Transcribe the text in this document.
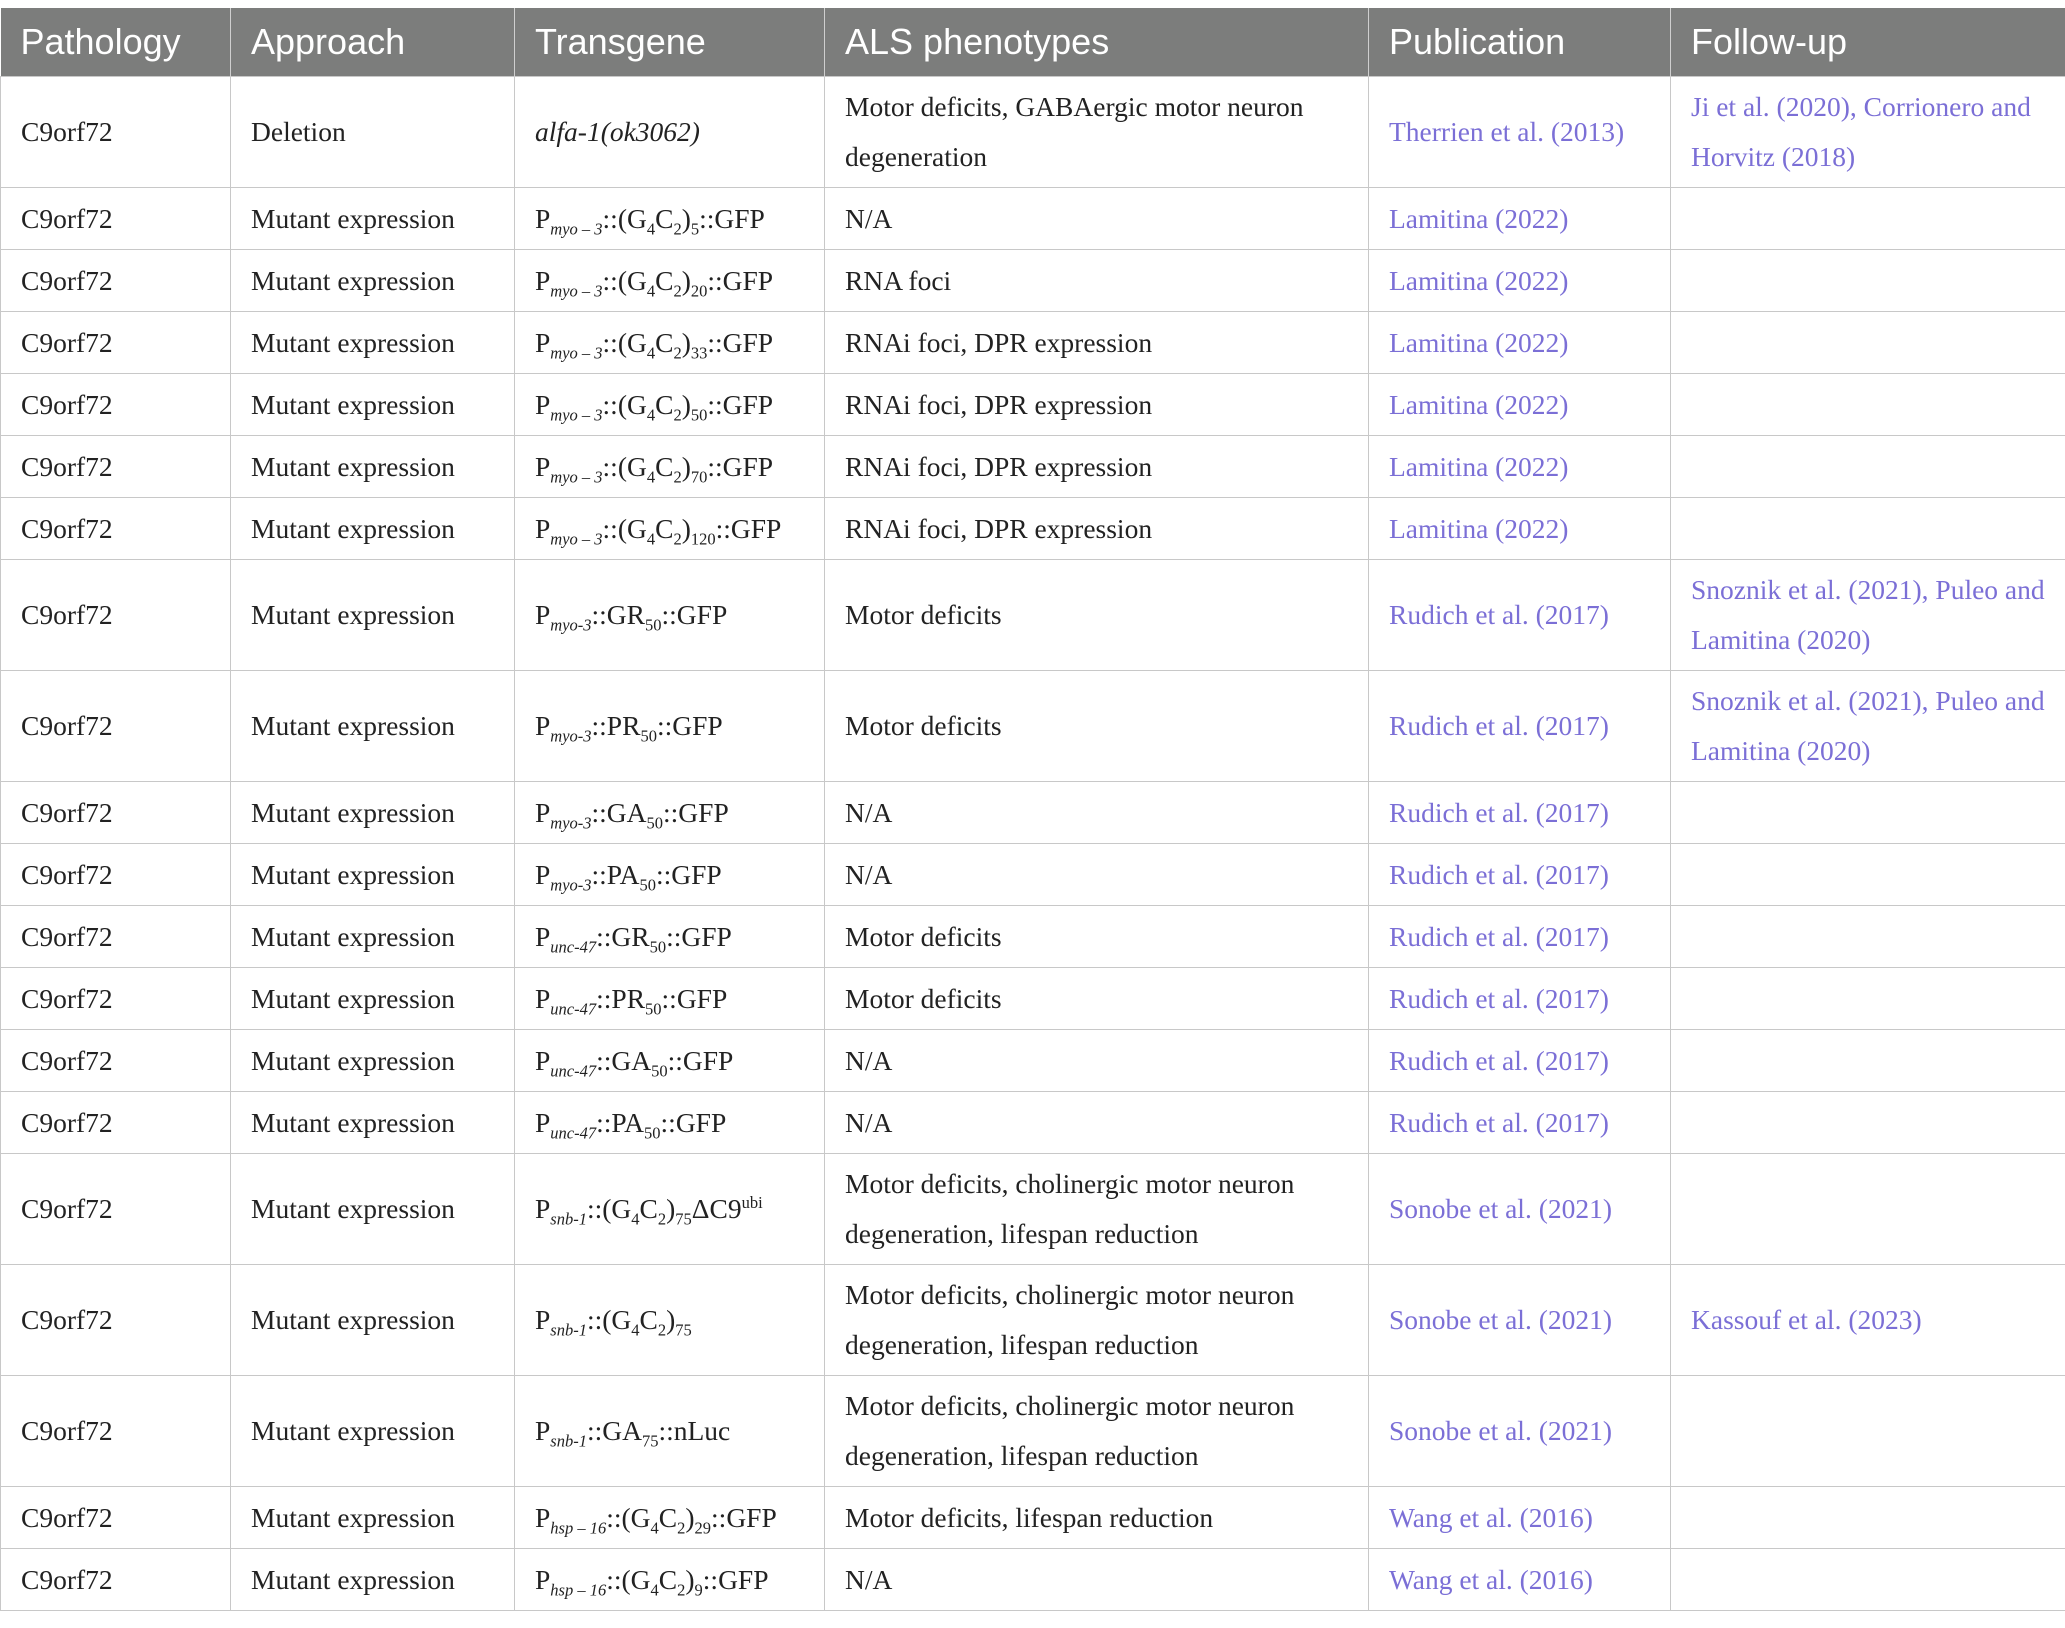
Pathology	Approach	Transgene	ALS phenotypes	Publication	Follow-up
C9orf72	Deletion	alfa-1(ok3062)	Motor deficits, GABAergic motor neuron degeneration	Therrien et al. (2013)	Ji et al. (2020), Corrionero and Horvitz (2018)
C9orf72	Mutant expression	$P_{myo - 3}::(G_4C_2)_5::GFP$	N/A	Lamitina (2022)	
C9orf72	Mutant expression	$P_{myo - 3}::(G_4C_2)_{20}::GFP$	RNA foci	Lamitina (2022)	
C9orf72	Mutant expression	$P_{myo - 3}::(G_4C_2)_{33}::GFP$	RNAi foci, DPR expression	Lamitina (2022)	
C9orf72	Mutant expression	$P_{myo - 3}::(G_4C_2)_{50}::GFP$	RNAi foci, DPR expression	Lamitina (2022)	
C9orf72	Mutant expression	$P_{myo - 3}::(G_4C_2)_{70}::GFP$	RNAi foci, DPR expression	Lamitina (2022)	
C9orf72	Mutant expression	$P_{myo - 3}::(G_4C_2)_{120}::GFP$	RNAi foci, DPR expression	Lamitina (2022)	
C9orf72	Mutant expression	$P_{myo-3}::GR_{50}::GFP$	Motor deficits	Rudich et al. (2017)	Snoznik et al. (2021), Puleo and Lamitina (2020)
C9orf72	Mutant expression	$P_{myo-3}::PR_{50}::GFP$	Motor deficits	Rudich et al. (2017)	Snoznik et al. (2021), Puleo and Lamitina (2020)
C9orf72	Mutant expression	$P_{myo-3}::GA_{50}::GFP$	N/A	Rudich et al. (2017)	
C9orf72	Mutant expression	$P_{myo-3}::PA_{50}::GFP$	N/A	Rudich et al. (2017)	
C9orf72	Mutant expression	$P_{unc-47}::GR_{50}::GFP$	Motor deficits	Rudich et al. (2017)	
C9orf72	Mutant expression	$P_{unc-47}::PR_{50}::GFP$	Motor deficits	Rudich et al. (2017)	
C9orf72	Mutant expression	$P_{unc-47}::GA_{50}::GFP$	N/A	Rudich et al. (2017)	
C9orf72	Mutant expression	$P_{unc-47}::PA_{50}::GFP$	N/A	Rudich et al. (2017)	
C9orf72	Mutant expression	$P_{snb-1}::(G_4C_2)_{75}\Delta C9^{ubi}$	Motor deficits, cholinergic motor neuron degeneration, lifespan reduction	Sonobe et al. (2021)	
C9orf72	Mutant expression	$P_{snb-1}::(G_4C_2)_{75}$	Motor deficits, cholinergic motor neuron degeneration, lifespan reduction	Sonobe et al. (2021)	Kassouf et al. (2023)
C9orf72	Mutant expression	$P_{snb-1}::GA_{75}::nLuc$	Motor deficits, cholinergic motor neuron degeneration, lifespan reduction	Sonobe et al. (2021)	
C9orf72	Mutant expression	$P_{hsp - 16}::(G_4C_2)_{29}::GFP$	Motor deficits, lifespan reduction	Wang et al. (2016)	
C9orf72	Mutant expression	$P_{hsp - 16}::(G_4C_2)_9::GFP$	N/A	Wang et al. (2016)	
